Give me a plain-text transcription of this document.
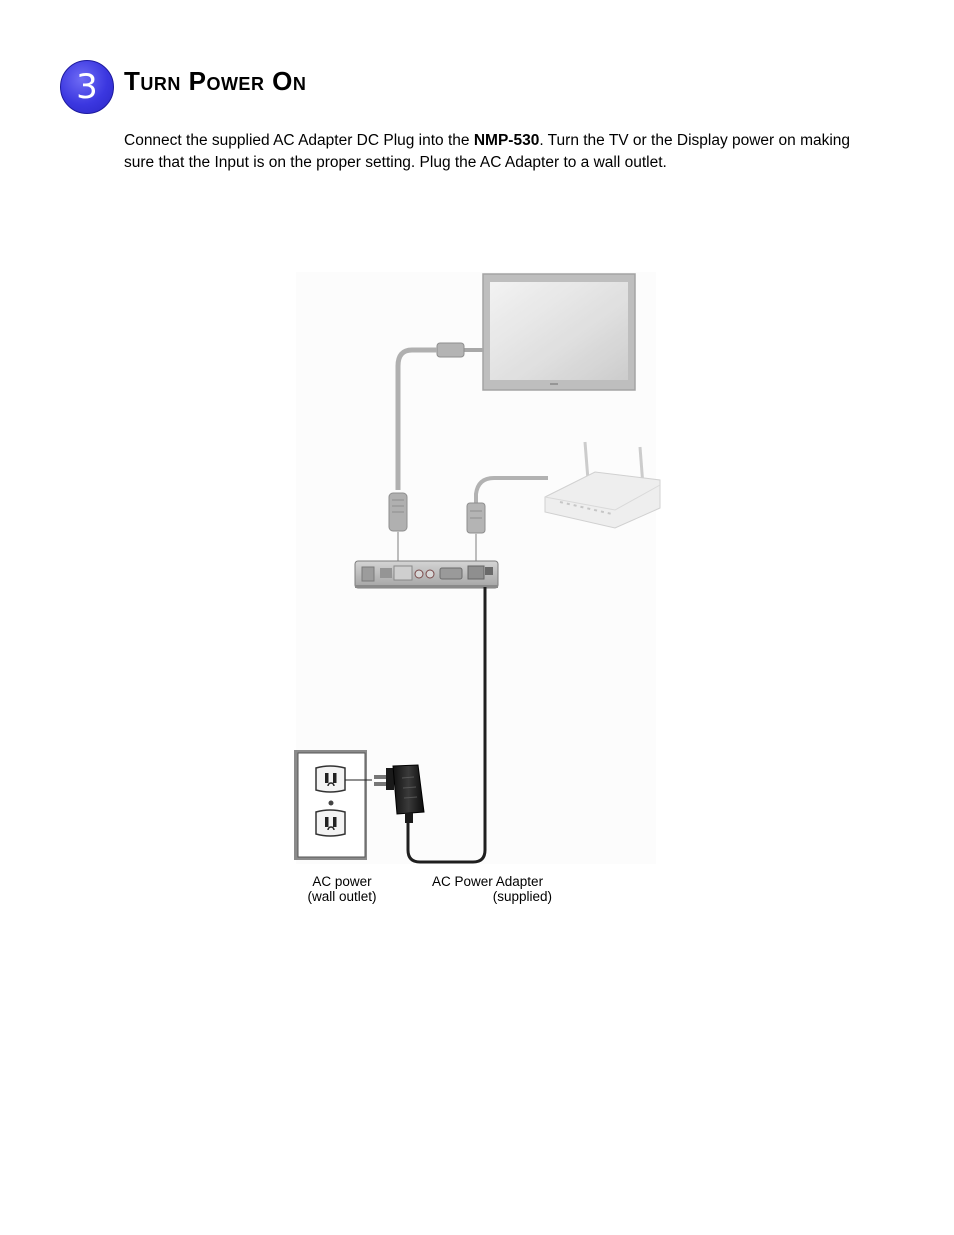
3 Turn Power On

Connect the supplied AC Adapter DC Plug into the NMP-530. Turn the TV or the Display power on making
sure that the Input is on the proper setting. Plug the AC Adapter to a wall outlet.

AC power
(wall outlet)
AC Power Adapter
(supplied)
